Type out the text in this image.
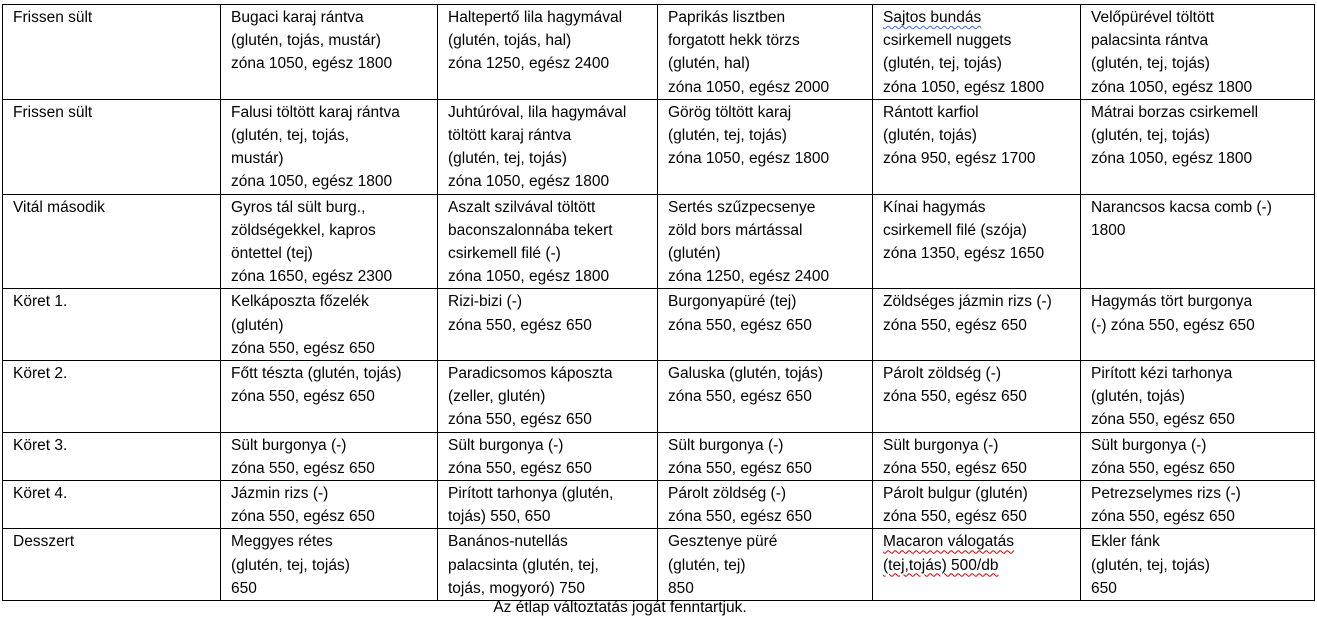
Frissen sült	Bugaci karaj rántva
(glutén, tojás, mustár)
zóna 1050, egész 1800	Haltepertő lila hagymával
(glutén, tojás, hal)
zóna 1250, egész 2400	Paprikás lisztben
forgatott hekk törzs
(glutén, hal)
zóna 1050, egész 2000	Sajtos bundás
csirkemell nuggets
(glutén, tej, tojás)
zóna 1050, egész 1800	Velőpürével töltött
palacsinta rántva
(glutén, tej, tojás)
zóna 1050, egész 1800

Frissen sült	Falusi töltött karaj rántva
(glutén, tej, tojás,
mustár)
zóna 1050, egész 1800	Juhtúróval, lila hagymával
töltött karaj rántva
(glutén, tej, tojás)
zóna 1050, egész 1800	Görög töltött karaj
(glutén, tej, tojás)
zóna 1050, egész 1800	Rántott karfiol
(glutén, tojás)
zóna 950, egész 1700	Mátrai borzas csirkemell
(glutén, tej, tojás)
zóna 1050, egész 1800

Vitál második	Gyros tál sült burg.,
zöldségekkel, kapros
öntettel (tej)
zóna 1650, egész 2300	Aszalt szilvával töltött
baconszalonnába tekert
csirkemell filé (-)
zóna 1050, egész 1800	Sertés szűzpecsenye
zöld bors mártással
(glutén)
zóna 1250, egész 2400	Kínai hagymás
csirkemell filé (szója)
zóna 1350, egész 1650	Narancsos kacsa comb (-)
1800

Köret 1.	Kelkáposzta főzelék
(glutén)
zóna 550, egész 650	Rizi-bizi (-)
zóna 550, egész 650	Burgonyapüré (tej)
zóna 550, egész 650	Zöldséges jázmin rizs (-)
zóna 550, egész 650	Hagymás tört burgonya
(-) zóna 550, egész 650

Köret 2.	Főtt tészta (glutén, tojás)
zóna 550, egész 650	Paradicsomos káposzta
(zeller, glutén)
zóna 550, egész 650	Galuska (glutén, tojás)
zóna 550, egész 650	Párolt zöldség (-)
zóna 550, egész 650	Pirított kézi tarhonya
(glutén, tojás)
zóna 550, egész 650

Köret 3.	Sült burgonya (-)
zóna 550, egész 650	Sült burgonya (-)
zóna 550, egész 650	Sült burgonya (-)
zóna 550, egész 650	Sült burgonya (-)
zóna 550, egész 650	Sült burgonya (-)
zóna 550, egész 650

Köret 4.	Jázmin rizs (-)
zóna 550, egész 650	Pirított tarhonya (glutén,
tojás) 550, 650	Párolt zöldség (-)
zóna 550, egész 650	Párolt bulgur (glutén)
zóna 550, egész 650	Petrezselymes rizs (-)
zóna 550, egész 650

Desszert	Meggyes rétes
(glutén, tej, tojás)
650	Banános-nutellás
palacsinta (glutén, tej,
tojás, mogyoró) 750	Gesztenye püré
(glutén, tej)
850	Macaron válogatás
(tej,tojás) 500/db	Ekler fánk
(glutén, tej, tojás)
650
Az étlap változtatás jogát fenntartjuk.
